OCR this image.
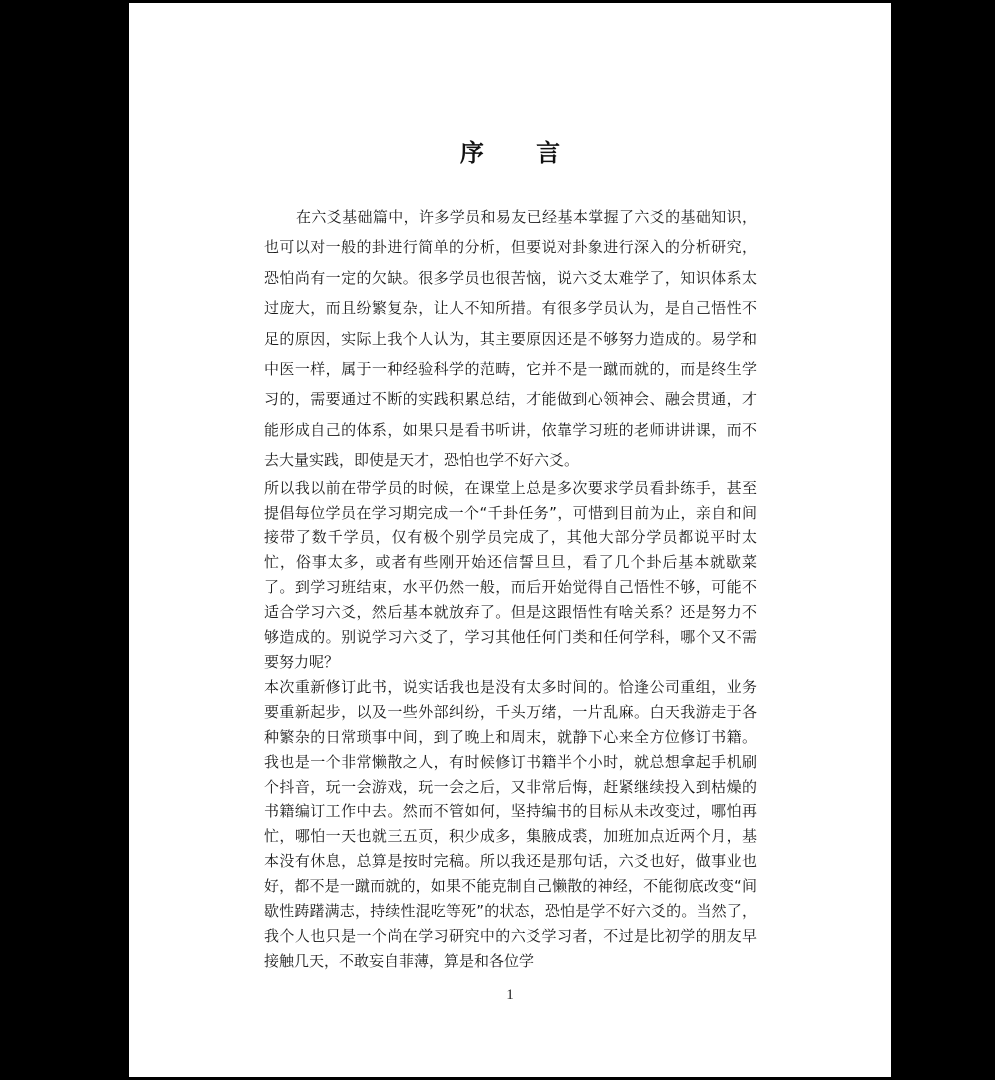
序 言

在六爻基础篇中，许多学员和易友已经基本掌握了六爻的基础知识，也可以对一般的卦进行简单的分析，但要说对卦象进行深入的分析研究，恐怕尚有一定的欠缺。很多学员也很苦恼，说六爻太难学了，知识体系太过庞大，而且纷繁复杂，让人不知所措。有很多学员认为，是自己悟性不足的原因，实际上我个人认为，其主要原因还是不够努力造成的。易学和中医一样，属于一种经验科学的范畴，它并不是一蹴而就的，而是终生学习的，需要通过不断的实践积累总结，才能做到心领神会、融会贯通，才能形成自己的体系，如果只是看书听讲，依靠学习班的老师讲讲课，而不去大量实践，即使是天才，恐怕也学不好六爻。

所以我以前在带学员的时候，在课堂上总是多次要求学员看卦练手，甚至提倡每位学员在学习期完成一个“千卦任务”，可惜到目前为止，亲自和间接带了数千学员，仅有极个别学员完成了，其他大部分学员都说平时太忙，俗事太多，或者有些刚开始还信誓旦旦，看了几个卦后基本就歇菜了。到学习班结束，水平仍然一般，而后开始觉得自己悟性不够，可能不适合学习六爻，然后基本就放弃了。但是这跟悟性有啥关系？还是努力不够造成的。别说学习六爻了，学习其他任何门类和任何学科，哪个又不需要努力呢？

本次重新修订此书，说实话我也是没有太多时间的。恰逢公司重组，业务要重新起步，以及一些外部纠纷，千头万绪，一片乱麻。白天我游走于各种繁杂的日常琐事中间，到了晚上和周末，就静下心来全方位修订书籍。我也是一个非常懒散之人，有时候修订书籍半个小时，就总想拿起手机刷个抖音，玩一会游戏，玩一会之后，又非常后悔，赶紧继续投入到枯燥的书籍编订工作中去。然而不管如何，坚持编书的目标从未改变过，哪怕再忙，哪怕一天也就三五页，积少成多，集腋成裘，加班加点近两个月，基本没有休息，总算是按时完稿。所以我还是那句话，六爻也好，做事业也好，都不是一蹴而就的，如果不能克制自己懒散的神经，不能彻底改变“间歇性踌躇满志，持续性混吃等死”的状态，恐怕是学不好六爻的。当然了，我个人也只是一个尚在学习研究中的六爻学习者，不过是比初学的朋友早接触几天，不敢妄自菲薄，算是和各位学

1
